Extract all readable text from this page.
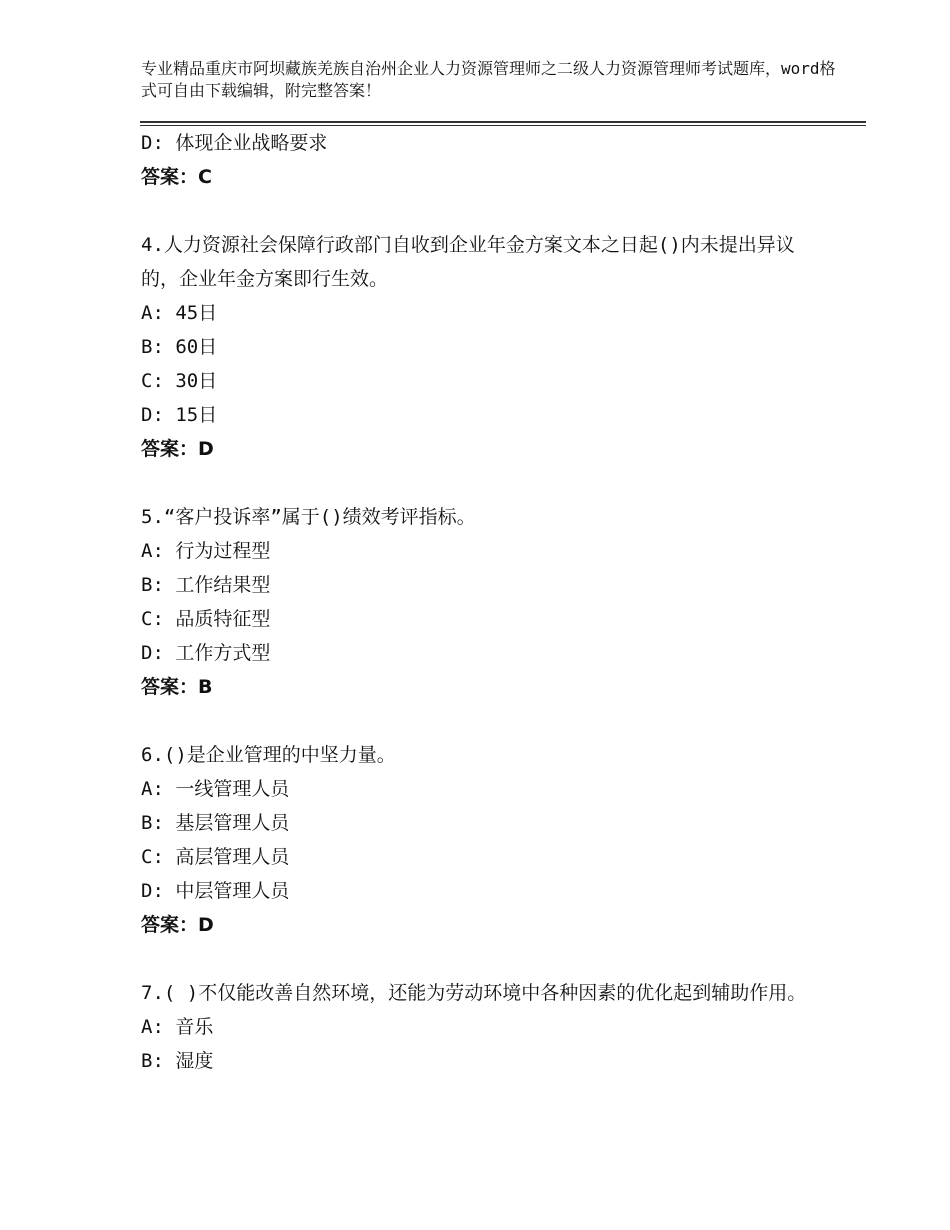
专业精品重庆市阿坝藏族羌族自治州企业人力资源管理师之二级人力资源管理师考试题库，word格式可自由下载编辑，附完整答案！
D: 体现企业战略要求
答案：C
4.人力资源社会保障行政部门自收到企业年金方案文本之日起()内未提出异议的，企业年金方案即行生效。
A: 45日
B: 60日
C: 30日
D: 15日
答案：D
5.“客户投诉率”属于()绩效考评指标。
A: 行为过程型
B: 工作结果型
C: 品质特征型
D: 工作方式型
答案：B
6.()是企业管理的中坚力量。
A: 一线管理人员
B: 基层管理人员
C: 高层管理人员
D: 中层管理人员
答案：D
7.( )不仅能改善自然环境，还能为劳动环境中各种因素的优化起到辅助作用。
A: 音乐
B: 湿度
